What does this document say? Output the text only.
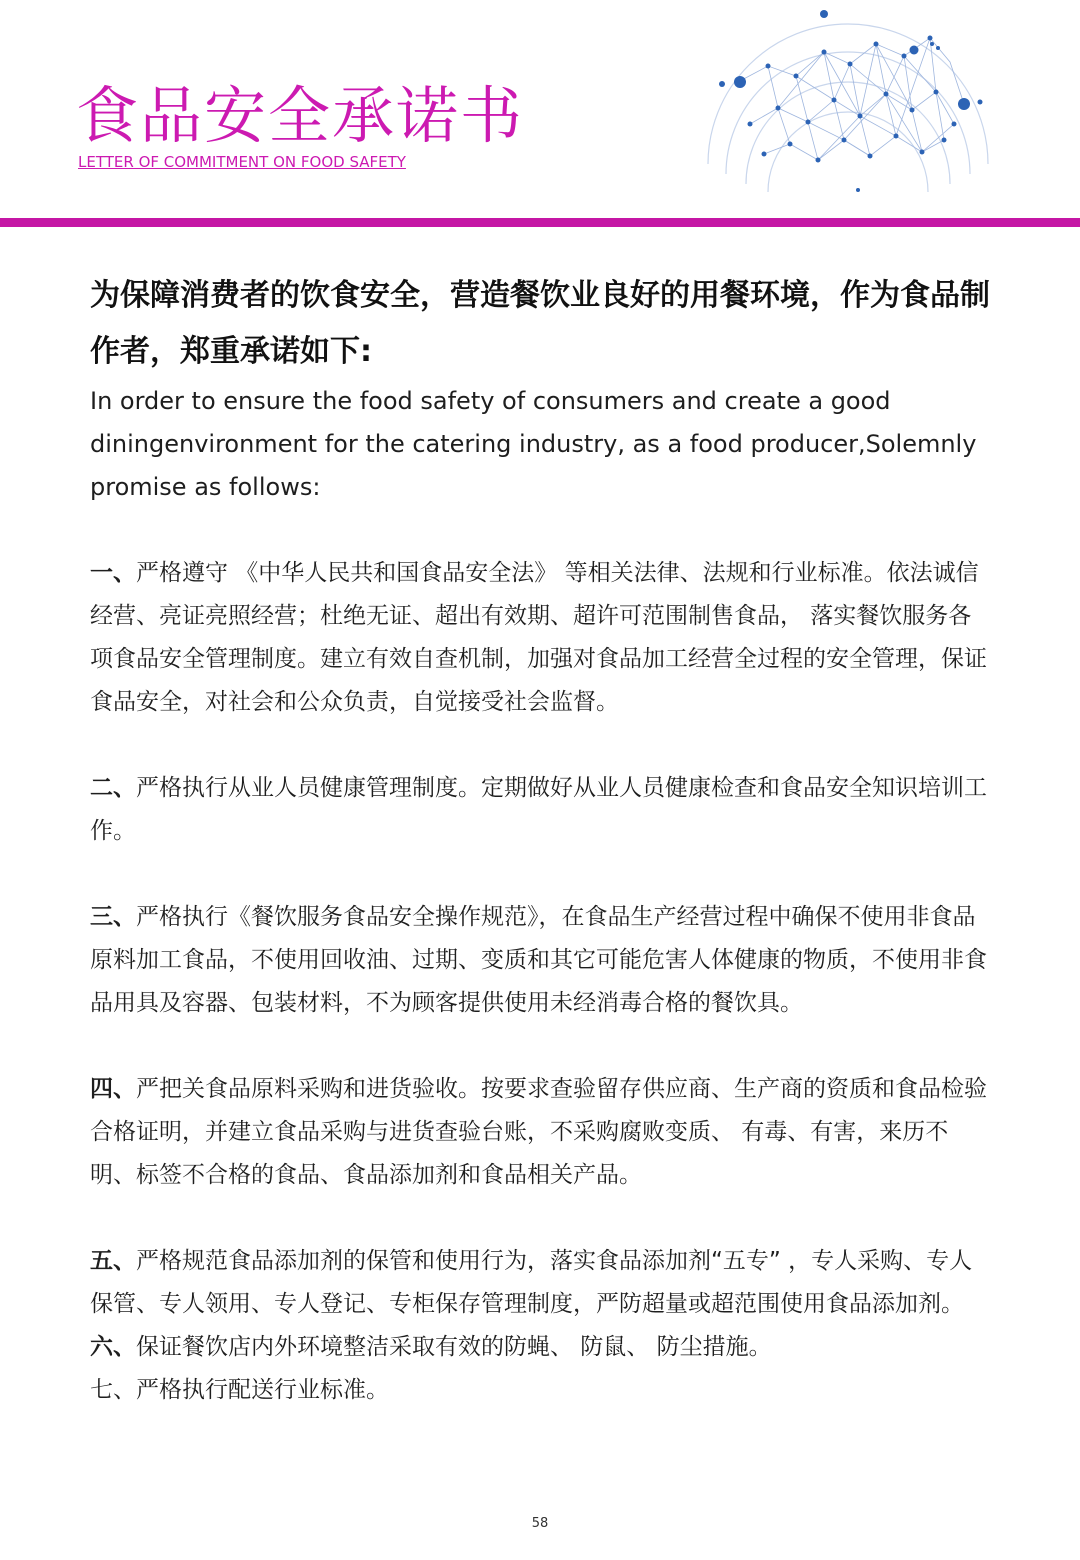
食品安全承诺书
LETTER OF COMMITMENT ON FOOD SAFETY

为保障消费者的饮食安全，营造餐饮业良好的用餐环境，作为食品制作者，郑重承诺如下:

In order to ensure the food safety of consumers and create a good diningenvironment for the catering industry, as a food producer,Solemnly promise as follows:

一、严格遵守 《中华人民共和国食品安全法》 等相关法律、法规和行业标准。依法诚信经营、亮证亮照经营；杜绝无证、超出有效期、超许可范围制售食品， 落实餐饮服务各项食品安全管理制度。建立有效自查机制，加强对食品加工经营全过程的安全管理，保证食品安全，对社会和公众负责，自觉接受社会监督。

二、严格执行从业人员健康管理制度。定期做好从业人员健康检查和食品安全知识培训工作。

三、严格执行《餐饮服务食品安全操作规范》，在食品生产经营过程中确保不使用非食品原料加工食品，不使用回收油、过期、变质和其它可能危害人体健康的物质，不使用非食品用具及容器、包装材料，不为顾客提供使用未经消毒合格的餐饮具。

四、严把关食品原料采购和进货验收。按要求查验留存供应商、生产商的资质和食品检验合格证明，并建立食品采购与进货查验台账，不采购腐败变质、 有毒、有害，来历不明、标签不合格的食品、食品添加剂和食品相关产品。

五、严格规范食品添加剂的保管和使用行为，落实食品添加剂“五专” ，专人采购、专人保管、专人领用、专人登记、专柜保存管理制度，严防超量或超范围使用食品添加剂。

六、保证餐饮店内外环境整洁采取有效的防蝇、 防鼠、 防尘措施。

七、严格执行配送行业标准。

58
